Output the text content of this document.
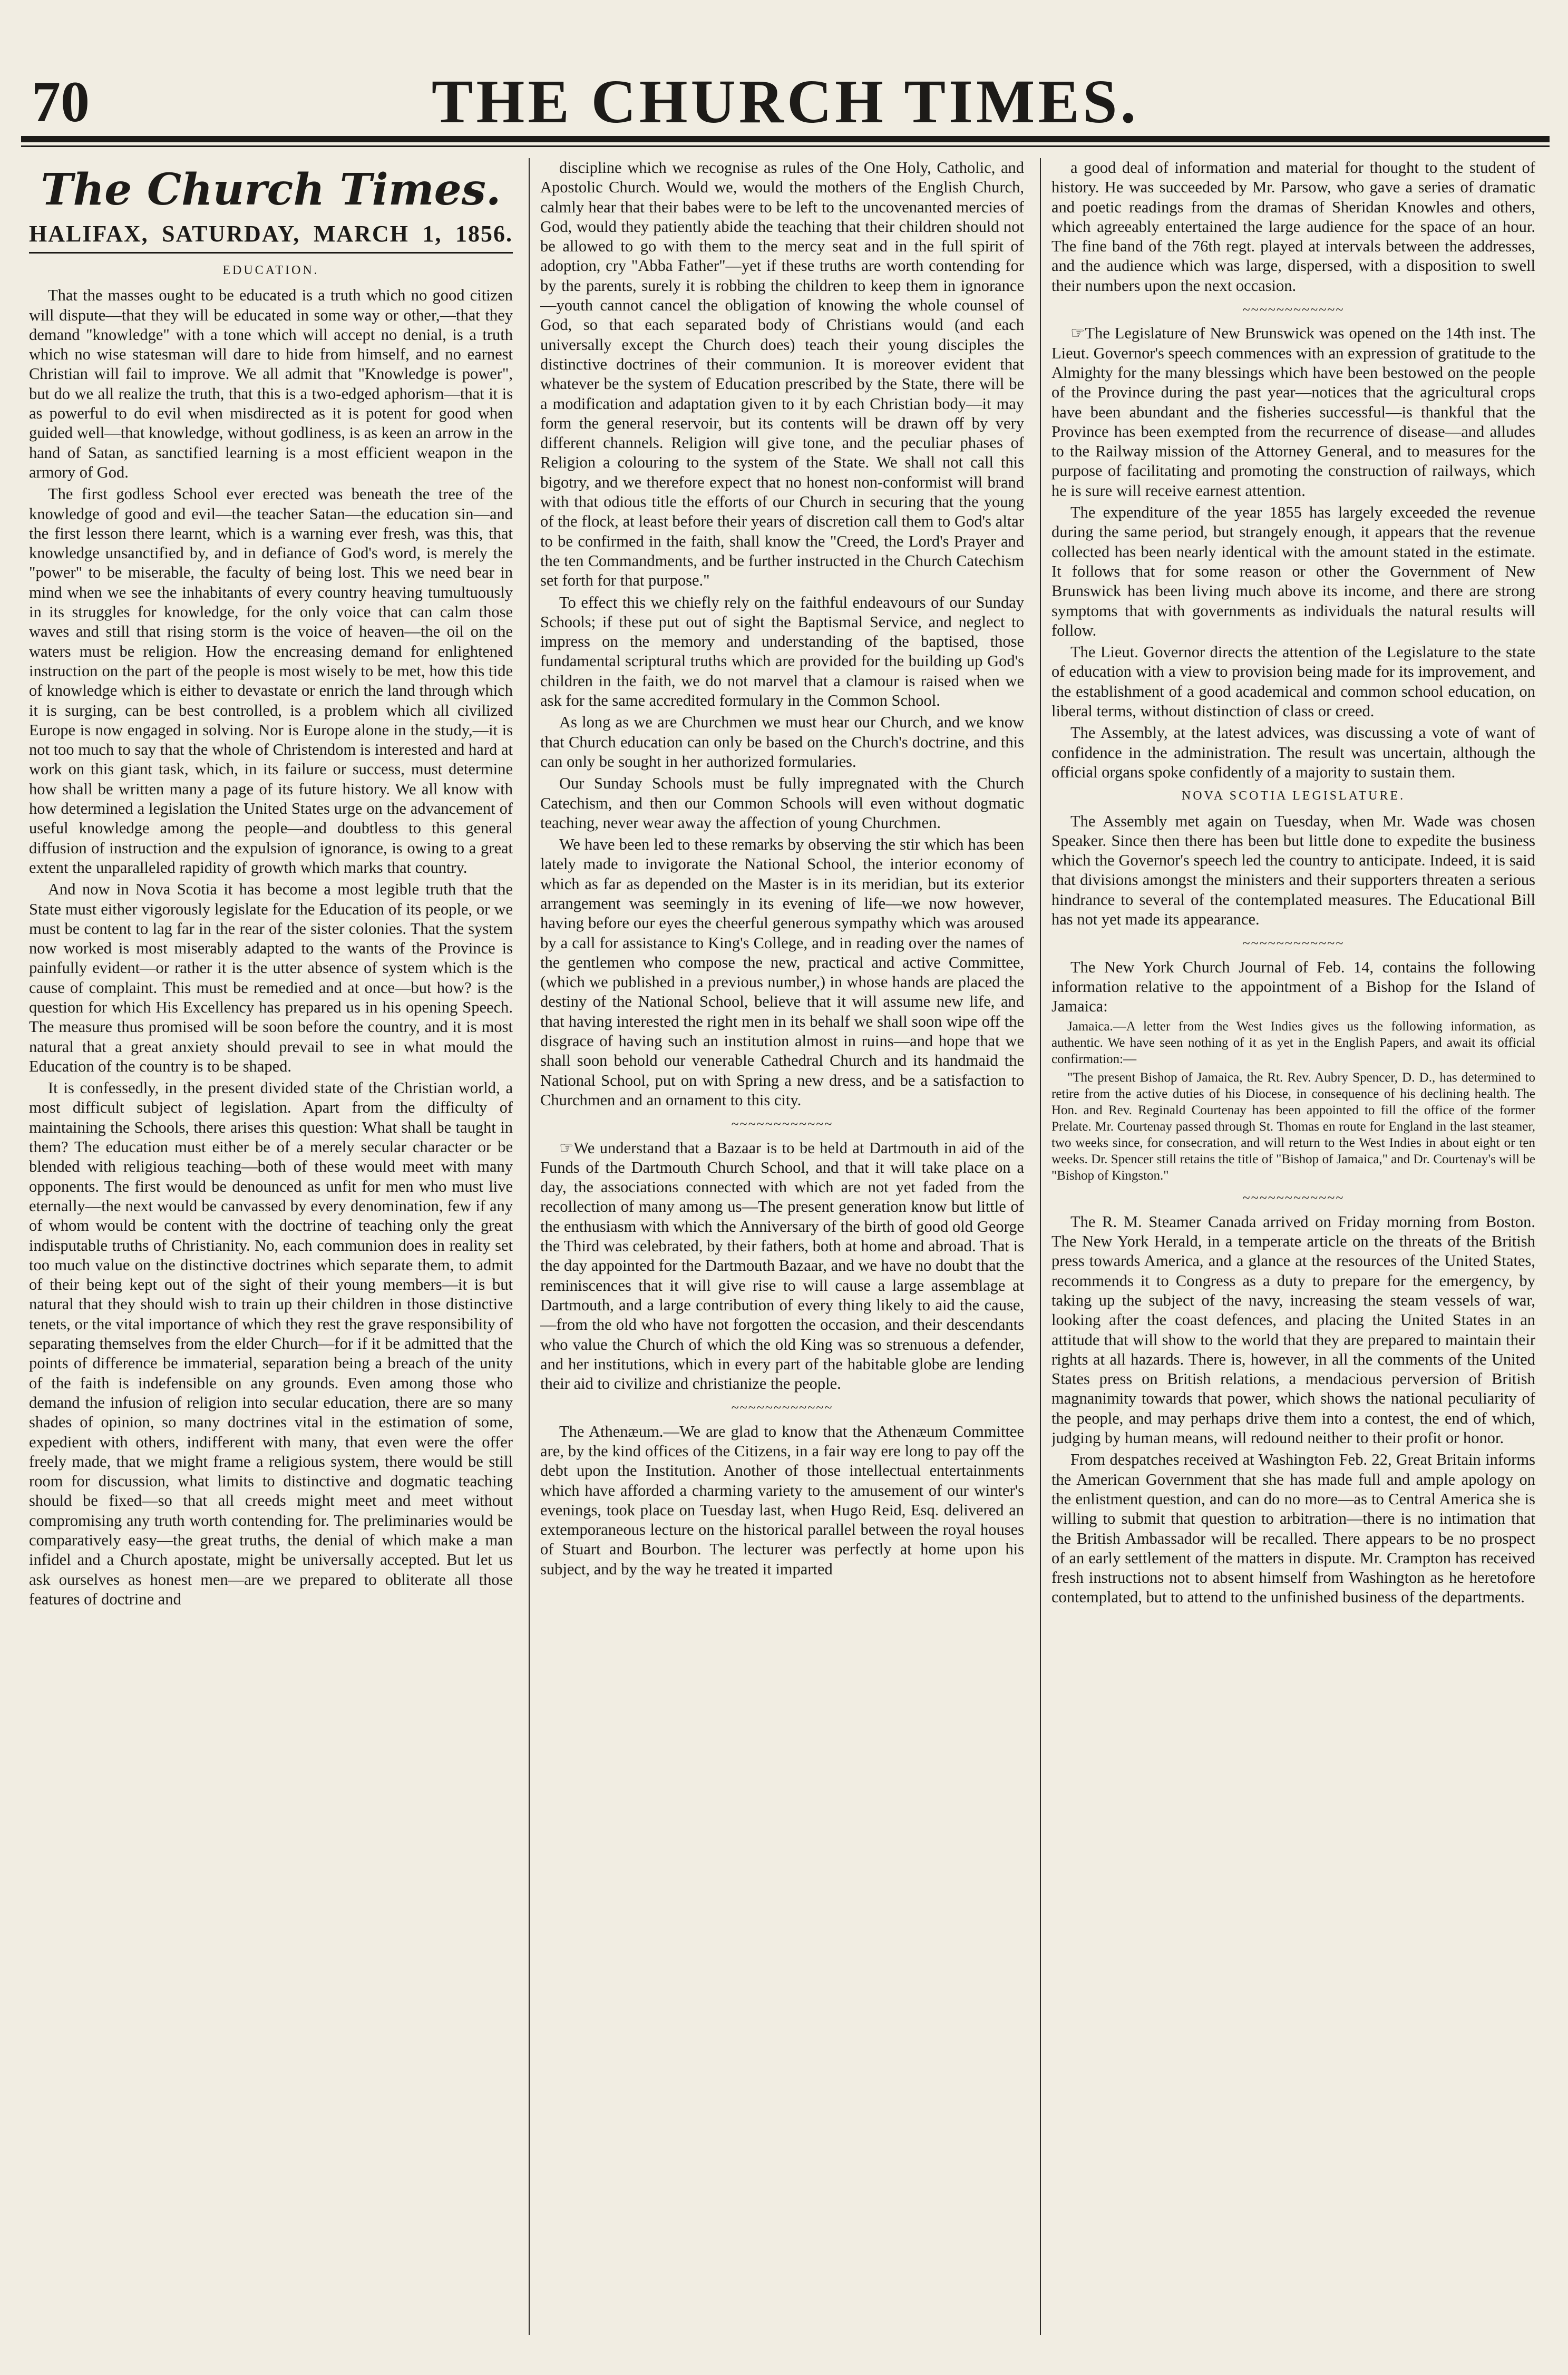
70	THE CHURCH TIMES.
The Church Times.
HALIFAX, SATURDAY, MARCH 1, 1856.
EDUCATION.

That the masses ought to be educated is a truth which no good citizen will dispute—that they will be educated in some way or other,—that they demand "knowledge" with a tone which will accept no denial, is a truth which no wise statesman will dare to hide from himself, and no earnest Christian will fail to improve. We all admit that "Knowledge is power", but do we all realize the truth, that this is a two-edged aphorism—that it is as powerful to do evil when misdirected as it is potent for good when guided well—that knowledge, without godliness, is as keen an arrow in the hand of Satan, as sanctified learning is a most efficient weapon in the armory of God.

The first godless School ever erected was beneath the tree of the knowledge of good and evil—the teacher Satan—the education sin—and the first lesson there learnt, which is a warning ever fresh, was this, that knowledge unsanctified by, and in defiance of God's word, is merely the "power" to be miserable, the faculty of being lost. This we need bear in mind when we see the inhabitants of every country heaving tumultuously in its struggles for knowledge, for the only voice that can calm those waves and still that rising storm is the voice of heaven—the oil on the waters must be religion. How the encreasing demand for enlightened instruction on the part of the people is most wisely to be met, how this tide of knowledge which is either to devastate or enrich the land through which it is surging, can be best controlled, is a problem which all civilized Europe is now engaged in solving. Nor is Europe alone in the study,—it is not too much to say that the whole of Christendom is interested and hard at work on this giant task, which, in its failure or success, must determine how shall be written many a page of its future history. We all know with how determined a legislation the United States urge on the advancement of useful knowledge among the people—and doubtless to this general diffusion of instruction and the expulsion of ignorance, is owing to a great extent the unparalleled rapidity of growth which marks that country.

And now in Nova Scotia it has become a most legible truth that the State must either vigorously legislate for the Education of its people, or we must be content to lag far in the rear of the sister colonies. That the system now worked is most miserably adapted to the wants of the Province is painfully evident—or rather it is the utter absence of system which is the cause of complaint. This must be remedied and at once—but how? is the question for which His Excellency has prepared us in his opening Speech. The measure thus promised will be soon before the country, and it is most natural that a great anxiety should prevail to see in what mould the Education of the country is to be shaped.

It is confessedly, in the present divided state of the Christian world, a most difficult subject of legislation. Apart from the difficulty of maintaining the Schools, there arises this question: What shall be taught in them? The education must either be of a merely secular character or be blended with religious teaching—both of these would meet with many opponents. The first would be denounced as unfit for men who must live eternally—the next would be canvassed by every denomination, few if any of whom would be content with the doctrine of teaching only the great indisputable truths of Christianity. No, each communion does in reality set too much value on the distinctive doctrines which separate them, to admit of their being kept out of the sight of their young members—it is but natural that they should wish to train up their children in those distinctive tenets, or the vital importance of which they rest the grave responsibility of separating themselves from the elder Church—for if it be admitted that the points of difference be immaterial, separation being a breach of the unity of the faith is indefensible on any grounds. Even among those who demand the infusion of religion into secular education, there are so many shades of opinion, so many doctrines vital in the estimation of some, expedient with others, indifferent with many, that even were the offer freely made, that we might frame a religious system, there would be still room for discussion, what limits to distinctive and dogmatic teaching should be fixed—so that all creeds might meet and meet without compromising any truth worth contending for. The preliminaries would be comparatively easy—the great truths, the denial of which make a man infidel and a Church apostate, might be universally accepted. But let us ask ourselves as honest men—are we prepared to obliterate all those features of doctrine and

discipline which we recognise as rules of the One Holy, Catholic, and Apostolic Church. Would we, would the mothers of the English Church, calmly hear that their babes were to be left to the uncovenanted mercies of God, would they patiently abide the teaching that their children should not be allowed to go with them to the mercy seat and in the full spirit of adoption, cry "Abba Father"—yet if these truths are worth contending for by the parents, surely it is robbing the children to keep them in ignorance—youth cannot cancel the obligation of knowing the whole counsel of God, so that each separated body of Christians would (and each universally except the Church does) teach their young disciples the distinctive doctrines of their communion. It is moreover evident that whatever be the system of Education prescribed by the State, there will be a modification and adaptation given to it by each Christian body—it may form the general reservoir, but its contents will be drawn off by very different channels. Religion will give tone, and the peculiar phases of Religion a colouring to the system of the State. We shall not call this bigotry, and we therefore expect that no honest non-conformist will brand with that odious title the efforts of our Church in securing that the young of the flock, at least before their years of discretion call them to God's altar to be confirmed in the faith, shall know the "Creed, the Lord's Prayer and the ten Commandments, and be further instructed in the Church Catechism set forth for that purpose."

To effect this we chiefly rely on the faithful endeavours of our Sunday Schools; if these put out of sight the Baptismal Service, and neglect to impress on the memory and understanding of the baptised, those fundamental scriptural truths which are provided for the building up God's children in the faith, we do not marvel that a clamour is raised when we ask for the same accredited formulary in the Common School.

As long as we are Churchmen we must hear our Church, and we know that Church education can only be based on the Church's doctrine, and this can only be sought in her authorized formularies.

Our Sunday Schools must be fully impregnated with the Church Catechism, and then our Common Schools will even without dogmatic teaching, never wear away the affection of young Churchmen.

We have been led to these remarks by observing the stir which has been lately made to invigorate the National School, the interior economy of which as far as depended on the Master is in its meridian, but its exterior arrangement was seemingly in its evening of life—we now however, having before our eyes the cheerful generous sympathy which was aroused by a call for assistance to King's College, and in reading over the names of the gentlemen who compose the new, practical and active Committee, (which we published in a previous number,) in whose hands are placed the destiny of the National School, believe that it will assume new life, and that having interested the right men in its behalf we shall soon wipe off the disgrace of having such an institution almost in ruins—and hope that we shall soon behold our venerable Cathedral Church and its handmaid the National School, put on with Spring a new dress, and be a satisfaction to Churchmen and an ornament to this city.

~~~~~~~~~~~~

☞We understand that a Bazaar is to be held at Dartmouth in aid of the Funds of the Dartmouth Church School, and that it will take place on a day, the associations connected with which are not yet faded from the recollection of many among us—The present generation know but little of the enthusiasm with which the Anniversary of the birth of good old George the Third was celebrated, by their fathers, both at home and abroad. That is the day appointed for the Dartmouth Bazaar, and we have no doubt that the reminiscences that it will give rise to will cause a large assemblage at Dartmouth, and a large contribution of every thing likely to aid the cause,—from the old who have not forgotten the occasion, and their descendants who value the Church of which the old King was so strenuous a defender, and her institutions, which in every part of the habitable globe are lending their aid to civilize and christianize the people.

~~~~~~~~~~~~

The Athenæum.—We are glad to know that the Athenæum Committee are, by the kind offices of the Citizens, in a fair way ere long to pay off the debt upon the Institution. Another of those intellectual entertainments which have afforded a charming variety to the amusement of our winter's evenings, took place on Tuesday last, when Hugo Reid, Esq. delivered an extemporaneous lecture on the historical parallel between the royal houses of Stuart and Bourbon. The lecturer was perfectly at home upon his subject, and by the way he treated it imparted

a good deal of information and material for thought to the student of history. He was succeeded by Mr. Parsow, who gave a series of dramatic and poetic readings from the dramas of Sheridan Knowles and others, which agreeably entertained the large audience for the space of an hour. The fine band of the 76th regt. played at intervals between the addresses, and the audience which was large, dispersed, with a disposition to swell their numbers upon the next occasion.

~~~~~~~~~~~~

☞The Legislature of New Brunswick was opened on the 14th inst. The Lieut. Governor's speech commences with an expression of gratitude to the Almighty for the many blessings which have been bestowed on the people of the Province during the past year—notices that the agricultural crops have been abundant and the fisheries successful—is thankful that the Province has been exempted from the recurrence of disease—and alludes to the Railway mission of the Attorney General, and to measures for the purpose of facilitating and promoting the construction of railways, which he is sure will receive earnest attention.

The expenditure of the year 1855 has largely exceeded the revenue during the same period, but strangely enough, it appears that the revenue collected has been nearly identical with the amount stated in the estimate. It follows that for some reason or other the Government of New Brunswick has been living much above its income, and there are strong symptoms that with governments as individuals the natural results will follow.

The Lieut. Governor directs the attention of the Legislature to the state of education with a view to provision being made for its improvement, and the establishment of a good academical and common school education, on liberal terms, without distinction of class or creed.

The Assembly, at the latest advices, was discussing a vote of want of confidence in the administration. The result was uncertain, although the official organs spoke confidently of a majority to sustain them.

NOVA SCOTIA LEGISLATURE.

The Assembly met again on Tuesday, when Mr. Wade was chosen Speaker. Since then there has been but little done to expedite the business which the Governor's speech led the country to anticipate. Indeed, it is said that divisions amongst the ministers and their supporters threaten a serious hindrance to several of the contemplated measures. The Educational Bill has not yet made its appearance.

~~~~~~~~~~~~

The New York Church Journal of Feb. 14, contains the following information relative to the appointment of a Bishop for the Island of Jamaica:

Jamaica.—A letter from the West Indies gives us the following information, as authentic. We have seen nothing of it as yet in the English Papers, and await its official confirmation:—

"The present Bishop of Jamaica, the Rt. Rev. Aubry Spencer, D. D., has determined to retire from the active duties of his Diocese, in consequence of his declining health. The Hon. and Rev. Reginald Courtenay has been appointed to fill the office of the former Prelate. Mr. Courtenay passed through St. Thomas en route for England in the last steamer, two weeks since, for consecration, and will return to the West Indies in about eight or ten weeks. Dr. Spencer still retains the title of "Bishop of Jamaica," and Dr. Courtenay's will be "Bishop of Kingston."

~~~~~~~~~~~~

The R. M. Steamer Canada arrived on Friday morning from Boston. The New York Herald, in a temperate article on the threats of the British press towards America, and a glance at the resources of the United States, recommends it to Congress as a duty to prepare for the emergency, by taking up the subject of the navy, increasing the steam vessels of war, looking after the coast defences, and placing the United States in an attitude that will show to the world that they are prepared to maintain their rights at all hazards. There is, however, in all the comments of the United States press on British relations, a mendacious perversion of British magnanimity towards that power, which shows the national peculiarity of the people, and may perhaps drive them into a contest, the end of which, judging by human means, will redound neither to their profit or honor.

From despatches received at Washington Feb. 22, Great Britain informs the American Government that she has made full and ample apology on the enlistment question, and can do no more—as to Central America she is willing to submit that question to arbitration—there is no intimation that the British Ambassador will be recalled. There appears to be no prospect of an early settlement of the matters in dispute. Mr. Crampton has received fresh instructions not to absent himself from Washington as he heretofore contemplated, but to attend to the unfinished business of the departments.
